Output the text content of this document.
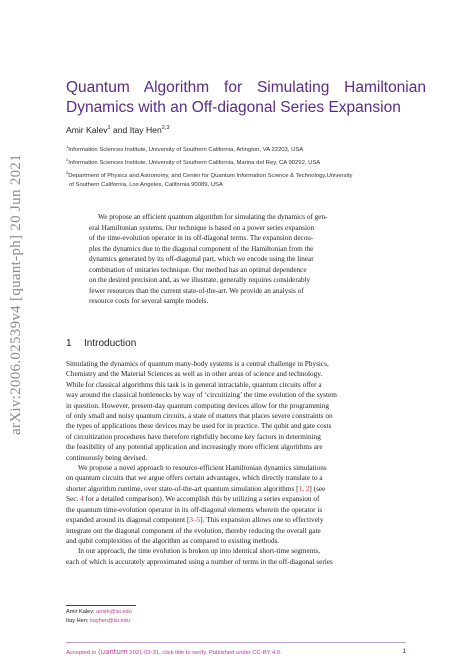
arXiv:2006.02539v4 [quant-ph] 20 Jun 2021
Quantum Algorithm for Simulating Hamiltonian
Dynamics with an Off-diagonal Series Expansion
Amir Kalev$^1$ and Itay Hen$^{2,3}$
$^1$Information Sciences Institute, University of Southern California, Arlington, VA 22203, USA
$^2$Information Sciences Institute, University of Southern California, Marina del Rey, CA 90292, USA
$^3$Department of Physics and Astronomy, and Center for Quantum Information Science & Technology,University
of Southern California, Los Angeles, California 90089, USA
We propose an efficient quantum algorithm for simulating the dynamics of gen-
eral Hamiltonian systems. Our technique is based on a power series expansion
of the time-evolution operator in its off-diagonal terms. The expansion decou-
ples the dynamics due to the diagonal component of the Hamiltonian from the
dynamics generated by its off-diagonal part, which we encode using the linear
combination of unitaries technique. Our method has an optimal dependence
on the desired precision and, as we illustrate, generally requires considerably
fewer resources than the current state-of-the-art. We provide an analysis of
resource costs for several sample models.
1 Introduction
Simulating the dynamics of quantum many-body systems is a central challenge in Physics,
Chemistry and the Material Sciences as well as in other areas of science and technology.
While for classical algorithms this task is in general intractable, quantum circuits offer a
way around the classical bottlenecks by way of ‘circuitizing’ the time evolution of the system
in question. However, present-day quantum computing devices allow for the programming
of only small and noisy quantum circuits, a state of matters that places severe constraints on
the types of applications these devices may be used for in practice. The qubit and gate costs
of circuitization procedures have therefore rightfully become key factors in determining
the feasibility of any potential application and increasingly more efficient algorithms are
continuously being devised.
We propose a novel approach to resource-efficient Hamiltonian dynamics simulations
on quantum circuits that we argue offers certain advantages, which directly translate to a
shorter algorithm runtime, over state-of-the-art quantum simulation algorithms [1, 2] (see
Sec. 4 for a detailed comparison). We accomplish this by utilizing a series expansion of
the quantum time-evolution operator in its off-diagonal elements wherein the operator is
expanded around its diagonal component [3–5]. This expansion allows one to effectively
integrate out the diagonal component of the evolution, thereby reducing the overall gate
and qubit complexities of the algorithm as compared to existing methods.
In our approach, the time evolution is broken up into identical short-time segments,
each of which is accurately approximated using a number of terms in the off-diagonal series
Amir Kalev: amirk@isi.edu
Itay Hen: itayhen@isi.edu
Accepted in ⟨uantum 2021-03-31, click title to verify. Published under CC-BY 4.0.	1
